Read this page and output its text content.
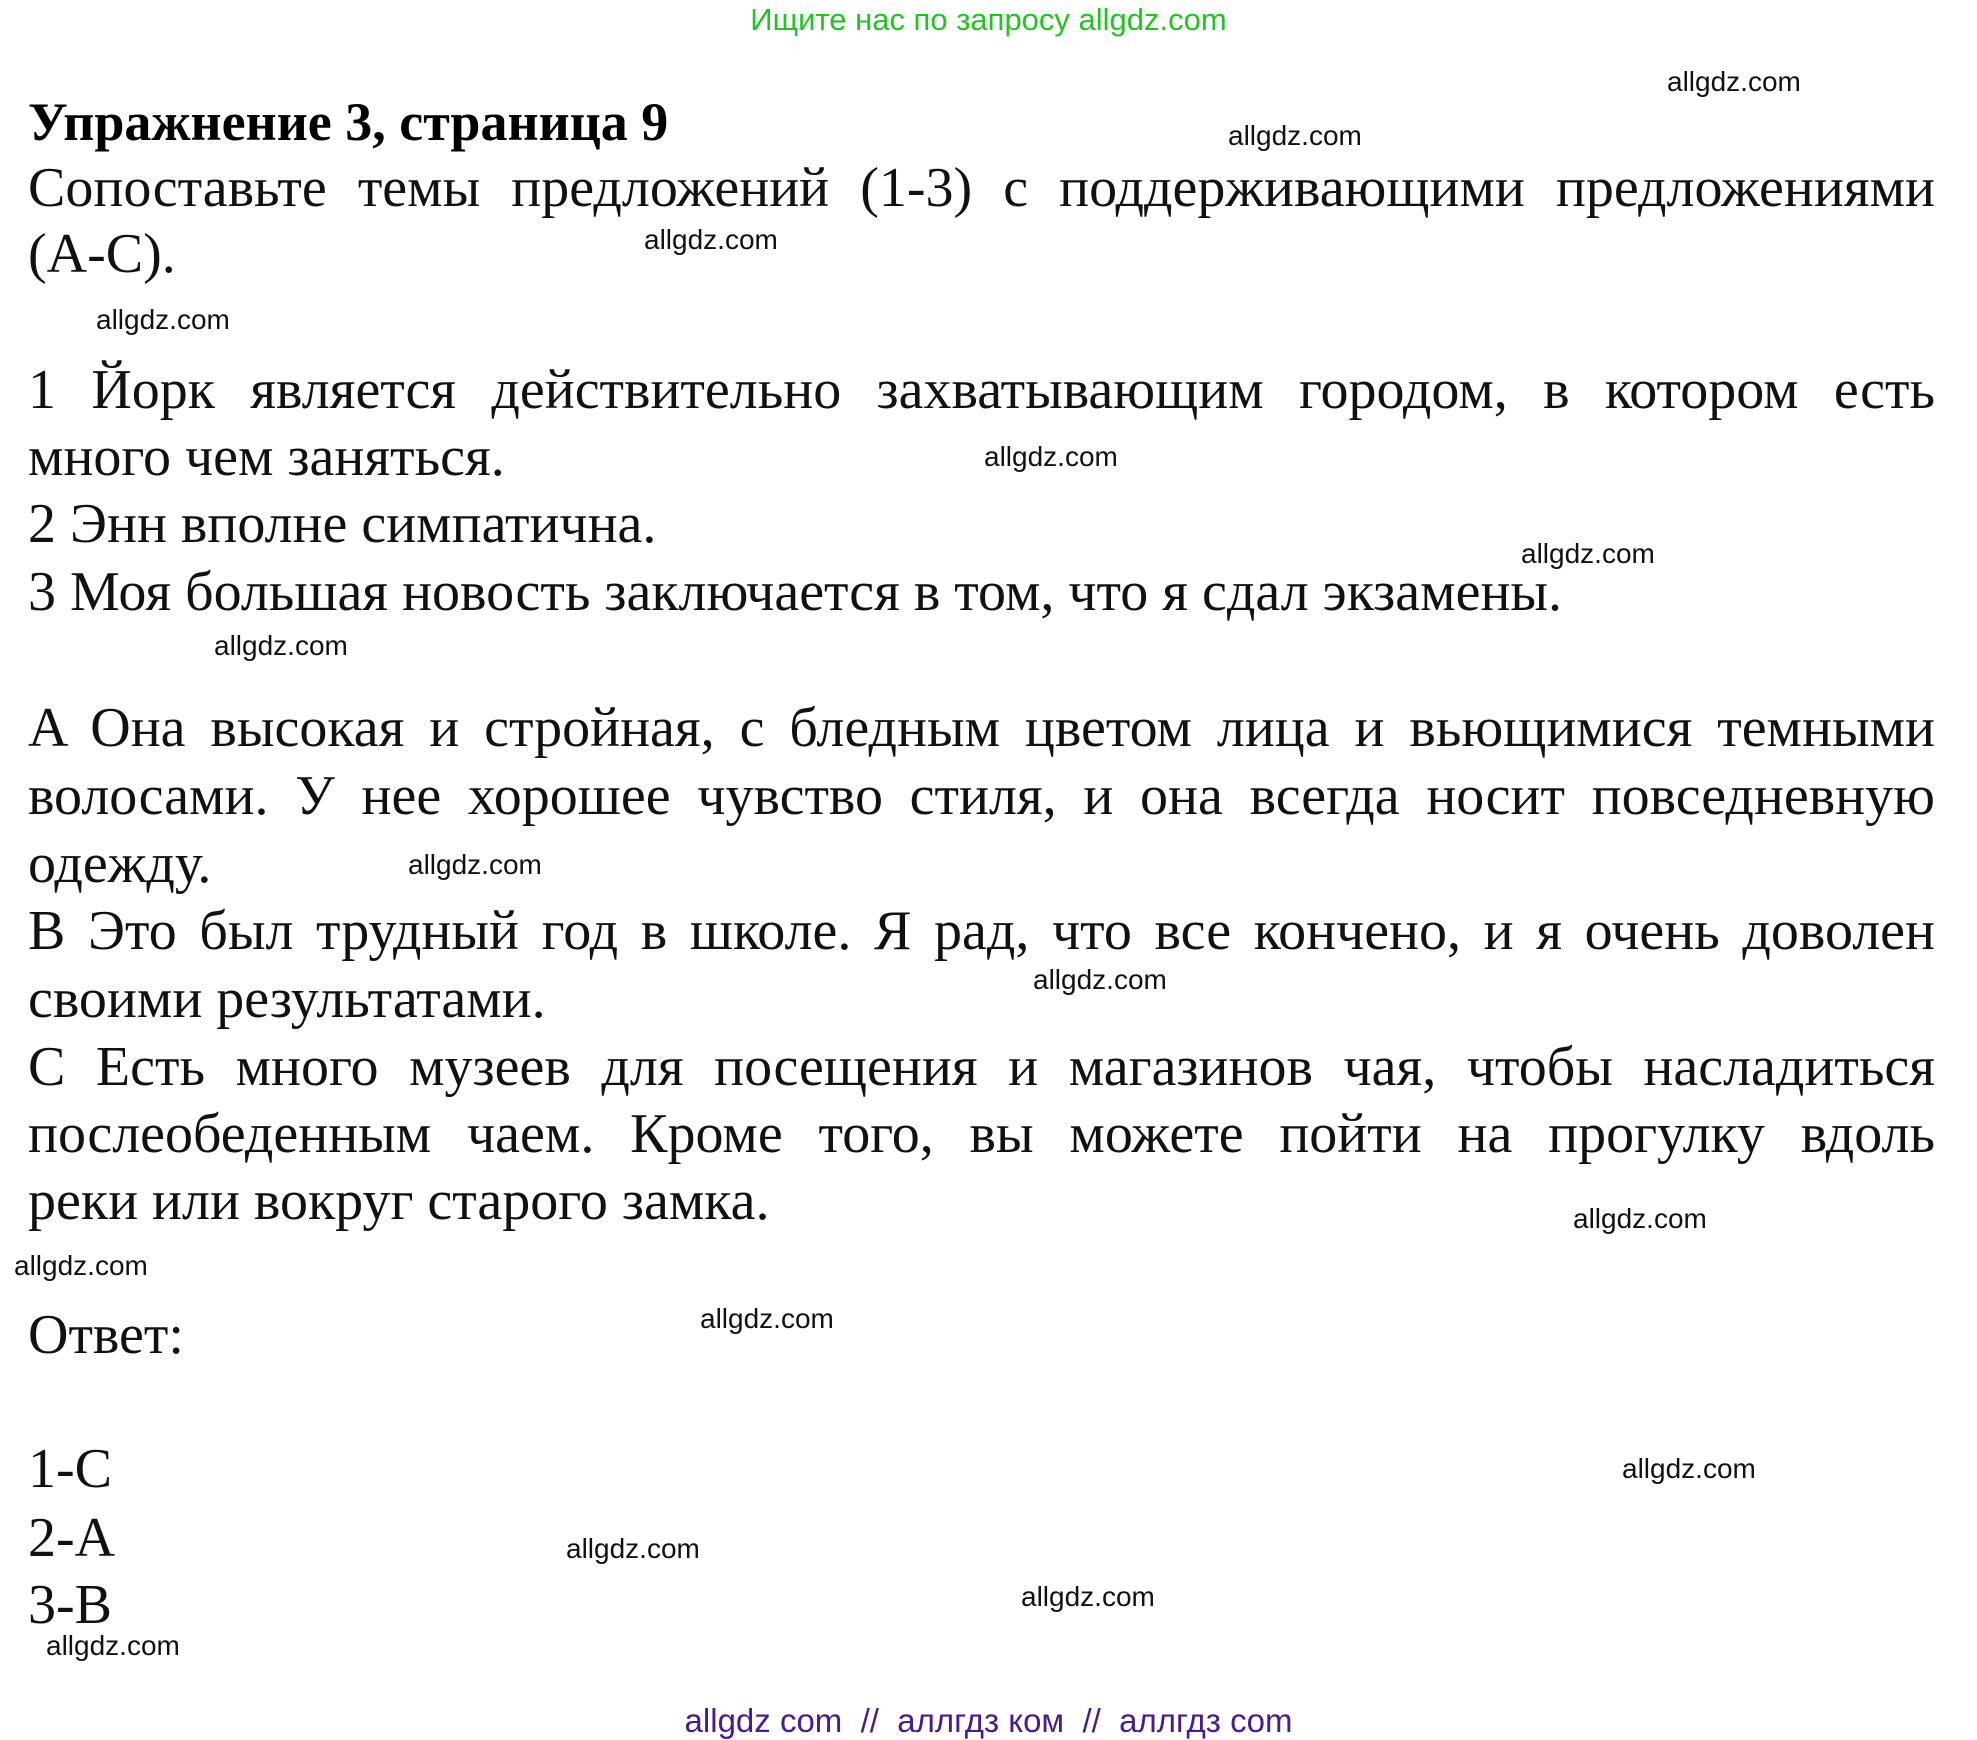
Ищите нас по запросу allgdz.com
Упражнение 3, страница 9
Сопоставьте темы предложений (1-3) с поддерживающими предложениями
(A-C).
1 Йорк является действительно захватывающим городом, в котором есть
много чем заняться.
2 Энн вполне симпатична.
3 Моя большая новость заключается в том, что я сдал экзамены.
A Она высокая и стройная, с бледным цветом лица и вьющимися темными
волосами. У нее хорошее чувство стиля, и она всегда носит повседневную
одежду.
B Это был трудный год в школе. Я рад, что все кончено, и я очень доволен
своими результатами.
C Есть много музеев для посещения и магазинов чая, чтобы насладиться
послеобеденным чаем. Кроме того, вы можете пойти на прогулку вдоль
реки или вокруг старого замка.
Ответ:
1-C
2-A
3-B
allgdz.com
allgdz.com
allgdz.com
allgdz.com
allgdz.com
allgdz.com
allgdz.com
allgdz.com
allgdz.com
allgdz.com
allgdz.com
allgdz.com
allgdz.com
allgdz.com
allgdz.com
allgdz.com
allgdz com  //  аллгдз ком  //  аллгдз com
